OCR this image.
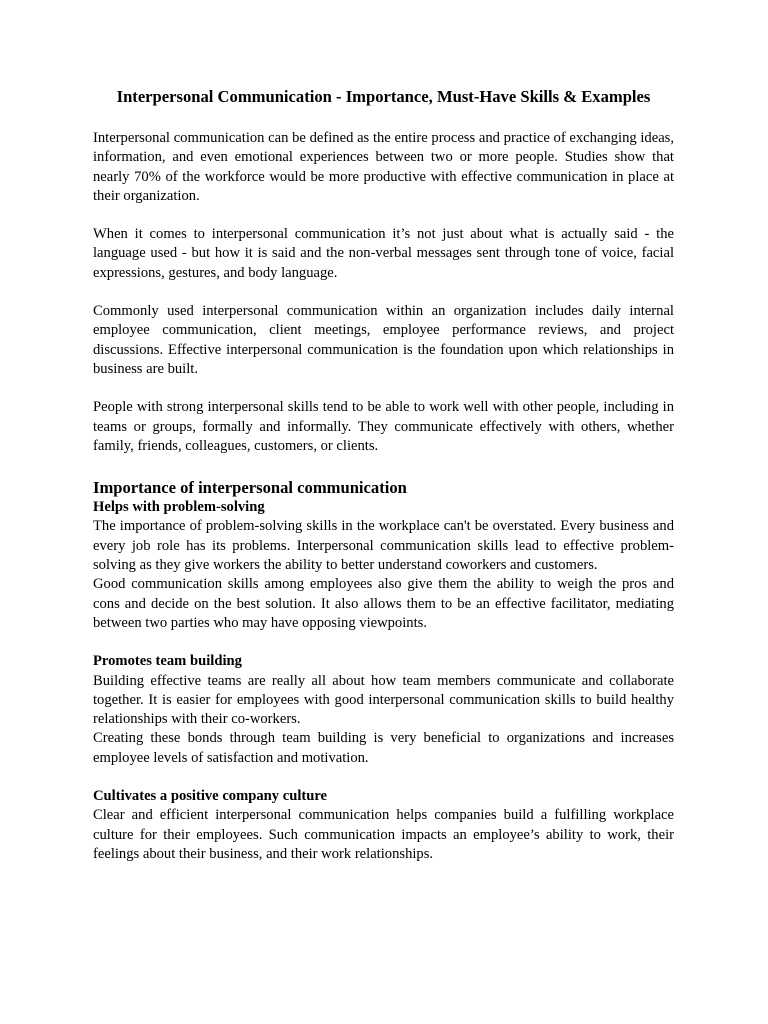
Interpersonal Communication - Importance, Must-Have Skills & Examples

Interpersonal communication can be defined as the entire process and practice of exchanging ideas, information, and even emotional experiences between two or more people. Studies show that nearly 70% of the workforce would be more productive with effective communication in place at their organization.

When it comes to interpersonal communication it’s not just about what is actually said - the language used - but how it is said and the non-verbal messages sent through tone of voice, facial expressions, gestures, and body language.

Commonly used interpersonal communication within an organization includes daily internal employee communication, client meetings, employee performance reviews, and project discussions. Effective interpersonal communication is the foundation upon which relationships in business are built.

People with strong interpersonal skills tend to be able to work well with other people, including in teams or groups, formally and informally. They communicate effectively with others, whether family, friends, colleagues, customers, or clients.

Importance of interpersonal communication

Helps with problem-solving

The importance of problem-solving skills in the workplace can't be overstated. Every business and every job role has its problems. Interpersonal communication skills lead to effective problem-solving as they give workers the ability to better understand coworkers and customers.

Good communication skills among employees also give them the ability to weigh the pros and cons and decide on the best solution. It also allows them to be an effective facilitator, mediating between two parties who may have opposing viewpoints.

Promotes team building

Building effective teams are really all about how team members communicate and collaborate together. It is easier for employees with good interpersonal communication skills to build healthy relationships with their co-workers.

Creating these bonds through team building is very beneficial to organizations and increases employee levels of satisfaction and motivation.

Cultivates a positive company culture

Clear and efficient interpersonal communication helps companies build a fulfilling workplace culture for their employees. Such communication impacts an employee’s ability to work, their feelings about their business, and their work relationships.
